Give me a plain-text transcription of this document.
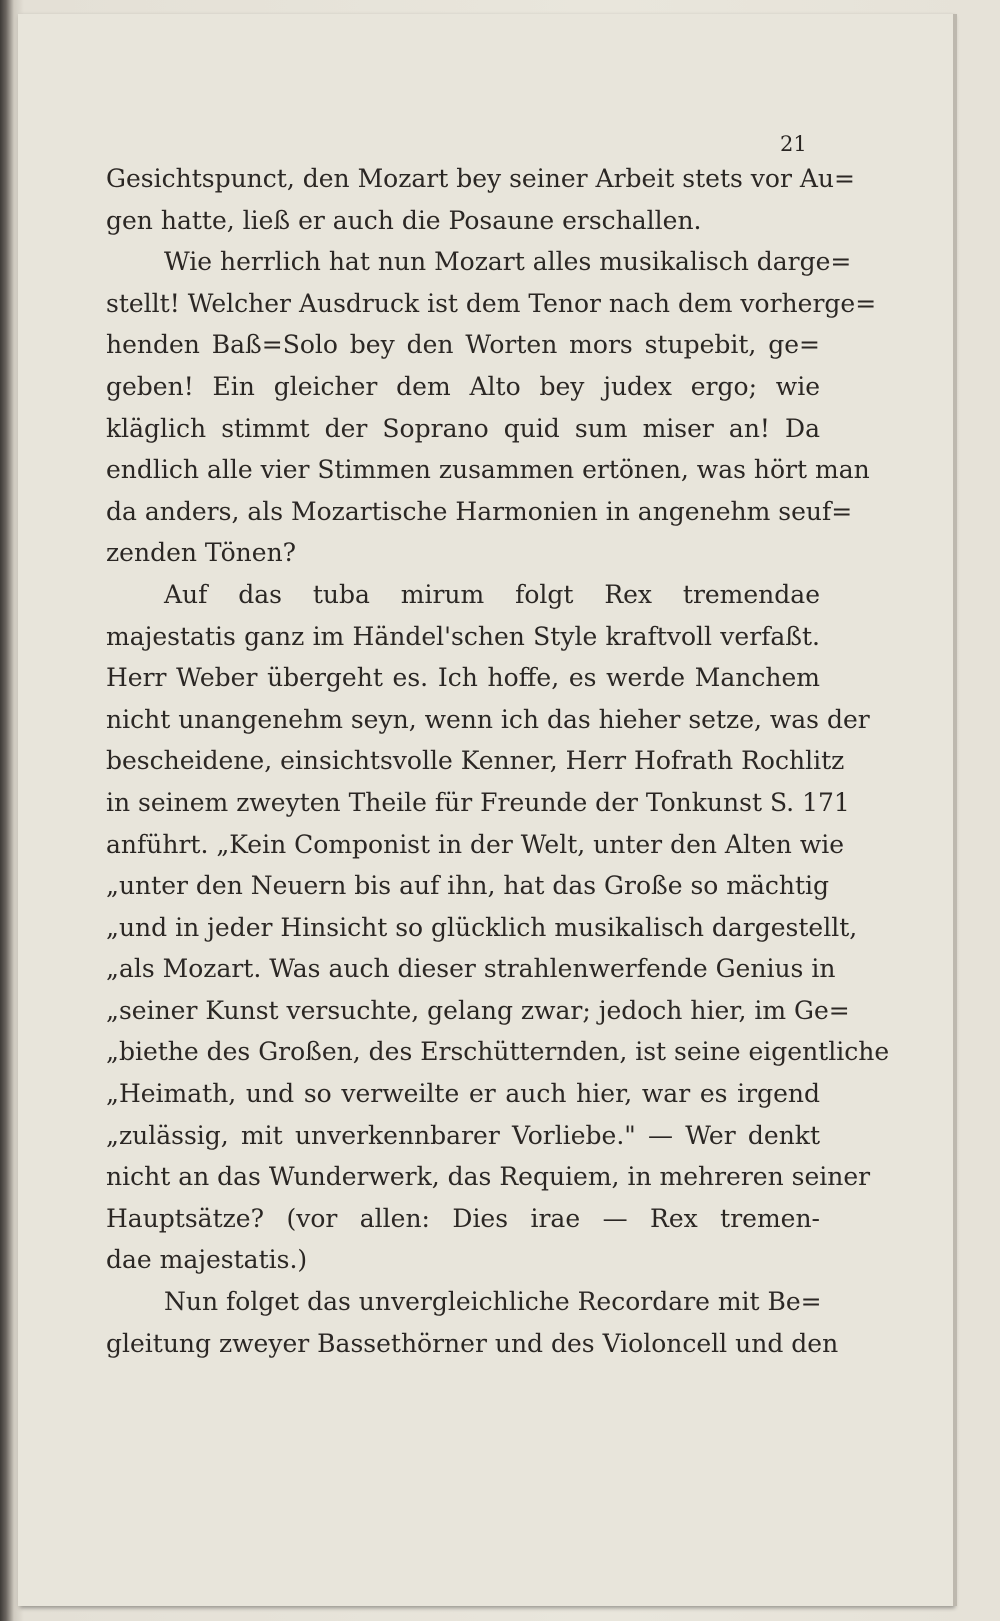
21
Gesichtspunct, den Mozart bey seiner Arbeit stets vor Au=
gen hatte, ließ er auch die Posaune erschallen.
Wie herrlich hat nun Mozart alles musikalisch darge=
stellt! Welcher Ausdruck ist dem Tenor nach dem vorherge=
henden Baß=Solo bey den Worten mors stupebit, ge=
geben! Ein gleicher dem Alto bey judex ergo; wie
kläglich stimmt der Soprano quid sum miser an! Da
endlich alle vier Stimmen zusammen ertönen, was hört man
da anders, als Mozartische Harmonien in angenehm seuf=
zenden Tönen?
Auf das tuba mirum folgt Rex tremendae
majestatis ganz im Händel'schen Style kraftvoll verfaßt.
Herr Weber übergeht es. Ich hoffe, es werde Manchem
nicht unangenehm seyn, wenn ich das hieher setze, was der
bescheidene, einsichtsvolle Kenner, Herr Hofrath Rochlitz
in seinem zweyten Theile für Freunde der Tonkunst S. 171
anführt. „Kein Componist in der Welt, unter den Alten wie
„unter den Neuern bis auf ihn, hat das Große so mächtig
„und in jeder Hinsicht so glücklich musikalisch dargestellt,
„als Mozart. Was auch dieser strahlenwerfende Genius in
„seiner Kunst versuchte, gelang zwar; jedoch hier, im Ge=
„biethe des Großen, des Erschütternden, ist seine eigentliche
„Heimath, und so verweilte er auch hier, war es irgend
„zulässig, mit unverkennbarer Vorliebe." — Wer denkt
nicht an das Wunderwerk, das Requiem, in mehreren seiner
Hauptsätze? (vor allen: Dies irae — Rex tremen-
dae majestatis.)
Nun folget das unvergleichliche Recordare mit Be=
gleitung zweyer Bassethörner und des Violoncell und den
